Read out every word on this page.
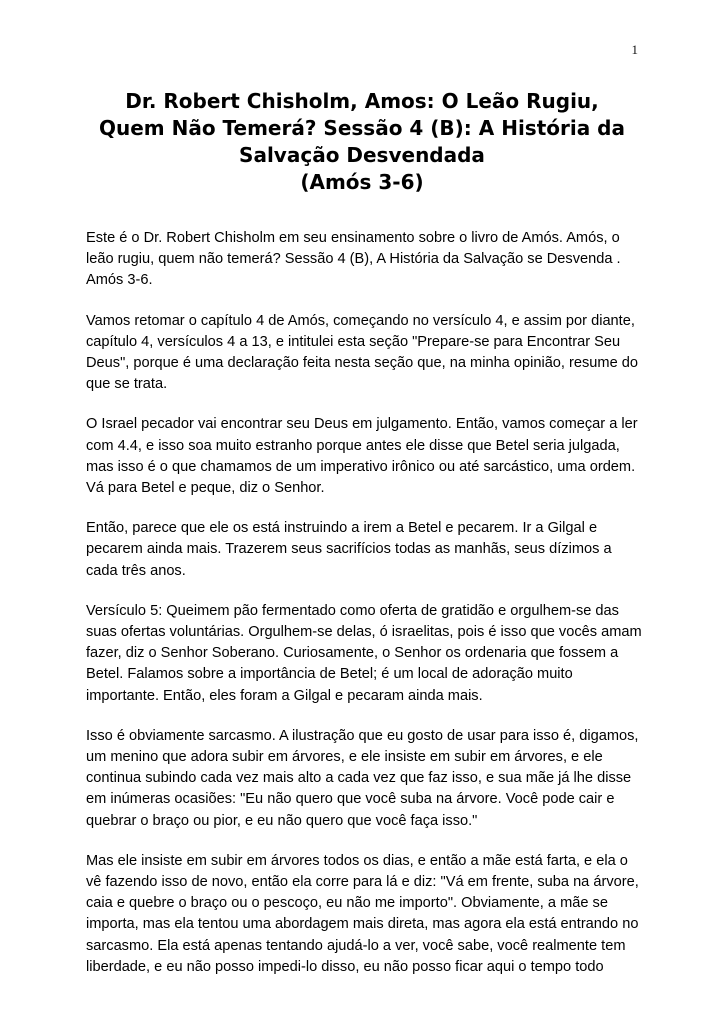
1
Dr. Robert Chisholm, Amos: O Leão Rugiu,
Quem Não Temerá? Sessão 4 (B): A História da
Salvação Desvendada
(Amós 3-6)

Este é o Dr. Robert Chisholm em seu ensinamento sobre o livro de Amós. Amós, o leão rugiu, quem não temerá? Sessão 4 (B), A História da Salvação se Desvenda . Amós 3-6.

Vamos retomar o capítulo 4 de Amós, começando no versículo 4, e assim por diante, capítulo 4, versículos 4 a 13, e intitulei esta seção "Prepare-se para Encontrar Seu Deus", porque é uma declaração feita nesta seção que, na minha opinião, resume do que se trata.

O Israel pecador vai encontrar seu Deus em julgamento. Então, vamos começar a ler com 4.4, e isso soa muito estranho porque antes ele disse que Betel seria julgada, mas isso é o que chamamos de um imperativo irônico ou até sarcástico, uma ordem. Vá para Betel e peque, diz o Senhor.

Então, parece que ele os está instruindo a irem a Betel e pecarem. Ir a Gilgal e pecarem ainda mais. Trazerem seus sacrifícios todas as manhãs, seus dízimos a cada três anos.

Versículo 5: Queimem pão fermentado como oferta de gratidão e orgulhem-se das suas ofertas voluntárias. Orgulhem-se delas, ó israelitas, pois é isso que vocês amam fazer, diz o Senhor Soberano. Curiosamente, o Senhor os ordenaria que fossem a Betel. Falamos sobre a importância de Betel; é um local de adoração muito importante. Então, eles foram a Gilgal e pecaram ainda mais.

Isso é obviamente sarcasmo. A ilustração que eu gosto de usar para isso é, digamos, um menino que adora subir em árvores, e ele insiste em subir em árvores, e ele continua subindo cada vez mais alto a cada vez que faz isso, e sua mãe já lhe disse em inúmeras ocasiões: "Eu não quero que você suba na árvore. Você pode cair e quebrar o braço ou pior, e eu não quero que você faça isso."

Mas ele insiste em subir em árvores todos os dias, e então a mãe está farta, e ela o vê fazendo isso de novo, então ela corre para lá e diz: "Vá em frente, suba na árvore, caia e quebre o braço ou o pescoço, eu não me importo". Obviamente, a mãe se importa, mas ela tentou uma abordagem mais direta, mas agora ela está entrando no sarcasmo. Ela está apenas tentando ajudá-lo a ver, você sabe, você realmente tem liberdade, e eu não posso impedi-lo disso, eu não posso ficar aqui o tempo todo
